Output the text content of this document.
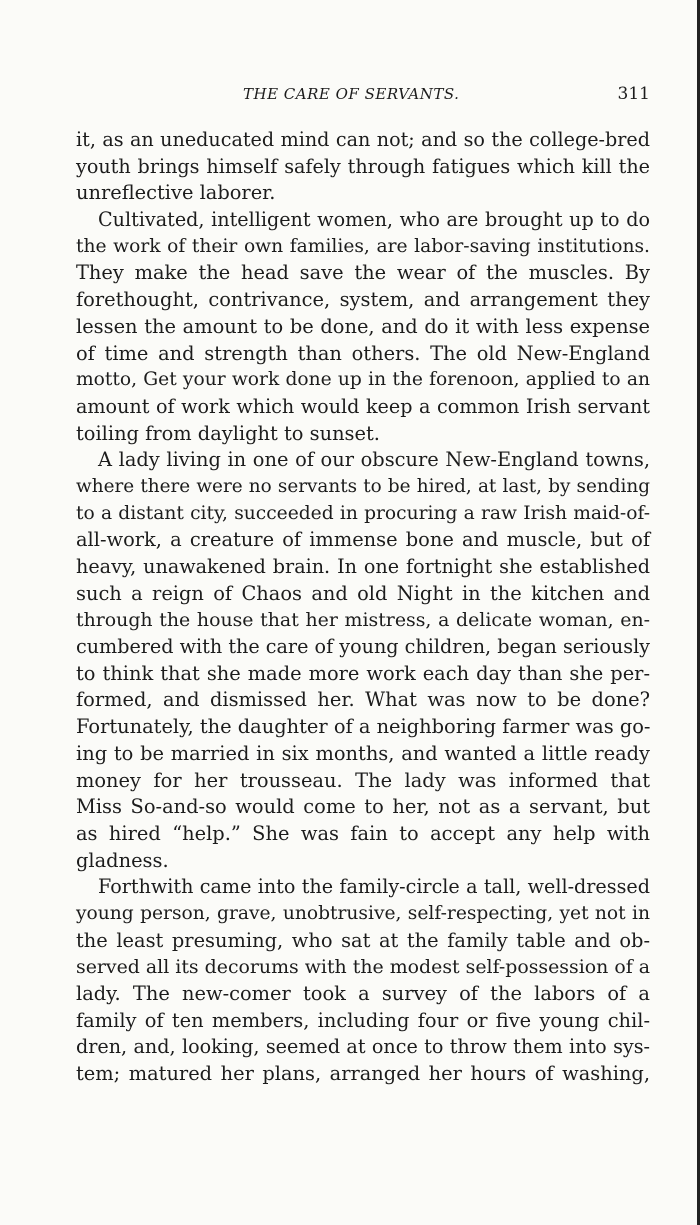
THE CARE OF SERVANTS.	311
it, as an uneducated mind can not; and so the college-bred
youth brings himself safely through fatigues which kill the
unreflective laborer.
Cultivated, intelligent women, who are brought up to do
the work of their own families, are labor-saving institutions.
They make the head save the wear of the muscles. By
forethought, contrivance, system, and arrangement they
lessen the amount to be done, and do it with less expense
of time and strength than others. The old New-England
motto, Get your work done up in the forenoon, applied to an
amount of work which would keep a common Irish servant
toiling from daylight to sunset.
A lady living in one of our obscure New-England towns,
where there were no servants to be hired, at last, by sending
to a distant city, succeeded in procuring a raw Irish maid-of-
all-work, a creature of immense bone and muscle, but of
heavy, unawakened brain. In one fortnight she established
such a reign of Chaos and old Night in the kitchen and
through the house that her mistress, a delicate woman, en-
cumbered with the care of young children, began seriously
to think that she made more work each day than she per-
formed, and dismissed her. What was now to be done?
Fortunately, the daughter of a neighboring farmer was go-
ing to be married in six months, and wanted a little ready
money for her trousseau. The lady was informed that
Miss So-and-so would come to her, not as a servant, but
as hired “help.” She was fain to accept any help with
gladness.
Forthwith came into the family-circle a tall, well-dressed
young person, grave, unobtrusive, self-respecting, yet not in
the least presuming, who sat at the family table and ob-
served all its decorums with the modest self-possession of a
lady. The new-comer took a survey of the labors of a
family of ten members, including four or five young chil-
dren, and, looking, seemed at once to throw them into sys-
tem; matured her plans, arranged her hours of washing,
